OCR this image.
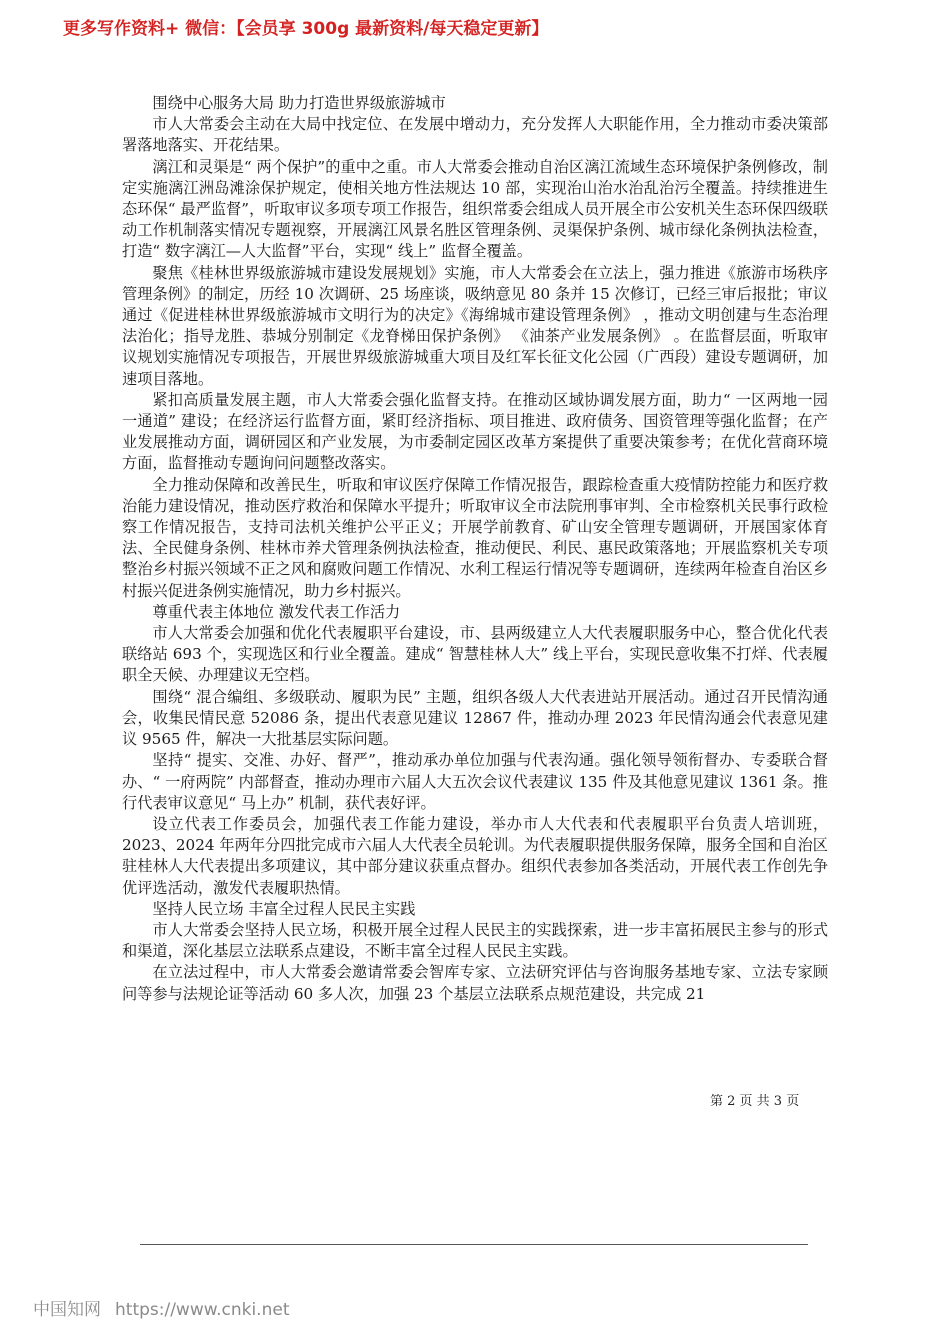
更多写作资料+ 微信：【会员享 300g 最新资料/每天稳定更新】

围绕中心服务大局 助力打造世界级旅游城市

市人大常委会主动在大局中找定位、在发展中增动力，充分发挥人大职能作用，全力推动市委决策部署落地落实、开花结果。

漓江和灵渠是“ 两个保护”的重中之重。市人大常委会推动自治区漓江流域生态环境保护条例修改，制定实施漓江洲岛滩涂保护规定，使相关地方性法规达 10 部，实现治山治水治乱治污全覆盖。持续推进生态环保“ 最严监督”，听取审议多项专项工作报告，组织常委会组成人员开展全市公安机关生态环保四级联动工作机制落实情况专题视察，开展漓江风景名胜区管理条例、灵渠保护条例、城市绿化条例执法检查，打造“ 数字漓江—人大监督”平台，实现“ 线上” 监督全覆盖。

聚焦《桂林世界级旅游城市建设发展规划》实施，市人大常委会在立法上，强力推进《旅游市场秩序管理条例》的制定，历经 10 次调研、25 场座谈，吸纳意见 80 条并 15 次修订，已经三审后报批；审议通过《促进桂林世界级旅游城市文明行为的决定》《海绵城市建设管理条例》 ，推动文明创建与生态治理法治化；指导龙胜、恭城分别制定《龙脊梯田保护条例》 《油茶产业发展条例》 。在监督层面，听取审议规划实施情况专项报告，开展世界级旅游城重大项目及红军长征文化公园（广西段）建设专题调研，加速项目落地。

紧扣高质量发展主题，市人大常委会强化监督支持。在推动区域协调发展方面，助力“ 一区两地一园一通道” 建设；在经济运行监督方面，紧盯经济指标、项目推进、政府债务、国资管理等强化监督；在产业发展推动方面，调研园区和产业发展，为市委制定园区改革方案提供了重要决策参考；在优化营商环境方面，监督推动专题询问问题整改落实。

全力推动保障和改善民生，听取和审议医疗保障工作情况报告，跟踪检查重大疫情防控能力和医疗救治能力建设情况，推动医疗救治和保障水平提升；听取审议全市法院刑事审判、全市检察机关民事行政检察工作情况报告，支持司法机关维护公平正义；开展学前教育、矿山安全管理专题调研，开展国家体育法、全民健身条例、桂林市养犬管理条例执法检查，推动便民、利民、惠民政策落地；开展监察机关专项整治乡村振兴领域不正之风和腐败问题工作情况、水利工程运行情况等专题调研，连续两年检查自治区乡村振兴促进条例实施情况，助力乡村振兴。

尊重代表主体地位 激发代表工作活力

市人大常委会加强和优化代表履职平台建设，市、县两级建立人大代表履职服务中心，整合优化代表联络站 693 个，实现选区和行业全覆盖。建成“ 智慧桂林人大” 线上平台，实现民意收集不打烊、代表履职全天候、办理建议无空档。

围绕“ 混合编组、多级联动、履职为民” 主题，组织各级人大代表进站开展活动。通过召开民情沟通会，收集民情民意 52086 条，提出代表意见建议 12867 件，推动办理 2023 年民情沟通会代表意见建议 9565 件，解决一大批基层实际问题。

坚持“ 提实、交准、办好、督严”，推动承办单位加强与代表沟通。强化领导领衔督办、专委联合督办、“ 一府两院” 内部督查，推动办理市六届人大五次会议代表建议 135 件及其他意见建议 1361 条。推行代表审议意见“ 马上办” 机制，获代表好评。

设立代表工作委员会，加强代表工作能力建设，举办市人大代表和代表履职平台负责人培训班，2023、2024 年两年分四批完成市六届人大代表全员轮训。为代表履职提供服务保障，服务全国和自治区驻桂林人大代表提出多项建议，其中部分建议获重点督办。组织代表参加各类活动，开展代表工作创先争优评选活动，激发代表履职热情。

坚持人民立场 丰富全过程人民民主实践

市人大常委会坚持人民立场，积极开展全过程人民民主的实践探索，进一步丰富拓展民主参与的形式和渠道，深化基层立法联系点建设，不断丰富全过程人民民主实践。

在立法过程中，市人大常委会邀请常委会智库专家、立法研究评估与咨询服务基地专家、立法专家顾问等参与法规论证等活动 60 多人次，加强 23 个基层立法联系点规范建设，共完成 21

第 2 页 共 3 页
中国知网 https://www.cnki.net
